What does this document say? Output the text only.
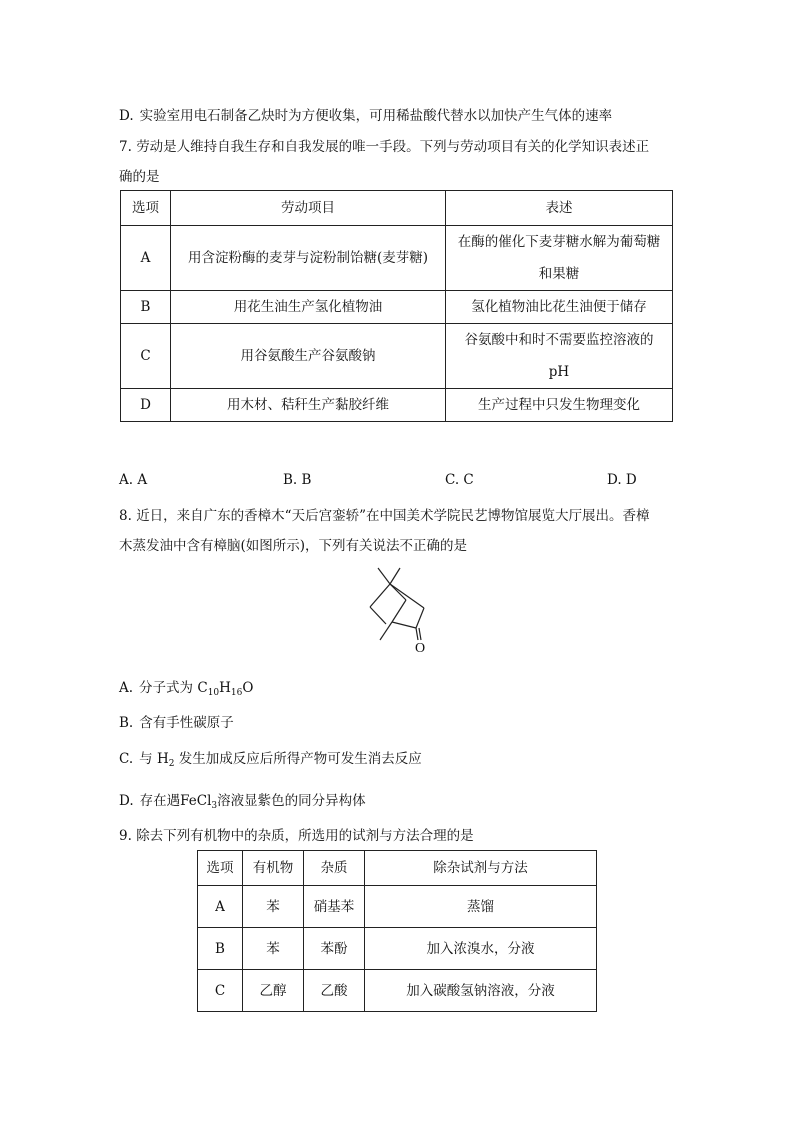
D. 实验室用电石制备乙炔时为方便收集，可用稀盐酸代替水以加快产生气体的速率
7. 劳动是人维持自我生存和自我发展的唯一手段。下列与劳动项目有关的化学知识表述正
确的是
选项	劳动项目	表述
A	用含淀粉酶的麦芽与淀粉制饴糖(麦芽糖)	在酶的催化下麦芽糖水解为葡萄糖
和果糖

B	用花生油生产氢化植物油	氢化植物油比花生油便于储存
C	用谷氨酸生产谷氨酸钠	谷氨酸中和时不需要监控溶液的
pH

D	用木材、秸秆生产黏胶纤维	生产过程中只发生物理变化
A. A	B. B	C. C	D. D
8. 近日，来自广东的香樟木“天后宫銮轿”在中国美术学院民艺博物馆展览大厅展出。香樟
木蒸发油中含有樟脑(如图所示)，下列有关说法不正确的是
O
A. 分子式为 $C_{10}H_{16}O$
B. 含有手性碳原子
C. 与 $H_2$ 发生加成反应后所得产物可发生消去反应
D. 存在遇FeCl$_3$溶液显紫色的同分异构体
9. 除去下列有机物中的杂质，所选用的试剂与方法合理的是
选项	有机物	杂质	除杂试剂与方法
A	苯	硝基苯	蒸馏
B	苯	苯酚	加入浓溴水，分液
C	乙醇	乙酸	加入碳酸氢钠溶液，分液
